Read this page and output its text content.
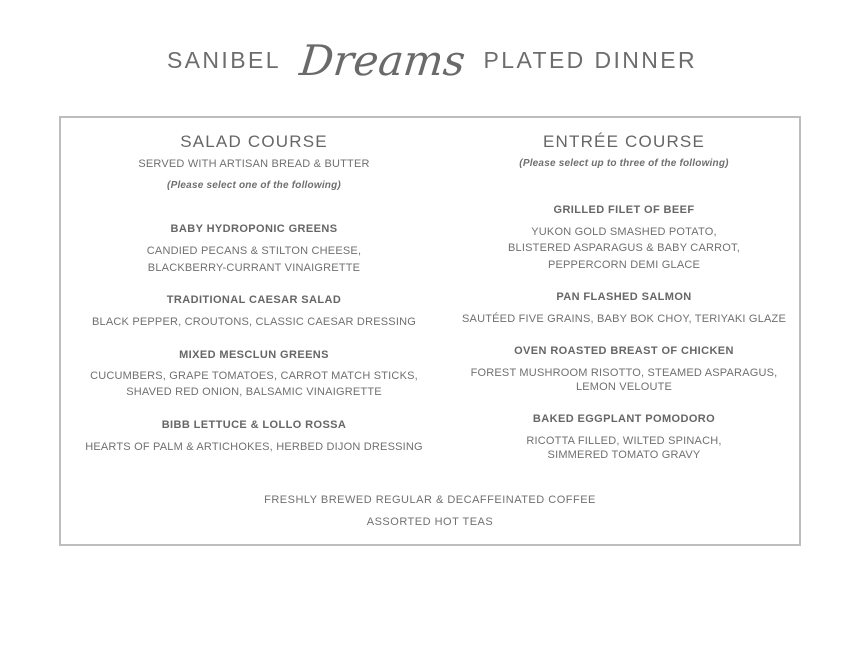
SANIBEL Dreams PLATED DINNER
SALAD COURSE
SERVED WITH ARTISAN BREAD & BUTTER
(Please select one of the following)
BABY HYDROPONIC GREENS
CANDIED PECANS & STILTON CHEESE,
BLACKBERRY-CURRANT VINAIGRETTE
TRADITIONAL CAESAR SALAD
BLACK PEPPER, CROUTONS, CLASSIC CAESAR DRESSING
MIXED MESCLUN GREENS
CUCUMBERS, GRAPE TOMATOES, CARROT MATCH STICKS,
SHAVED RED ONION, BALSAMIC VINAIGRETTE
BIBB LETTUCE & LOLLO ROSSA
HEARTS OF PALM & ARTICHOKES, HERBED DIJON DRESSING
ENTRÉE COURSE
(Please select up to three of the following)
GRILLED FILET OF BEEF
YUKON GOLD SMASHED POTATO,
BLISTERED ASPARAGUS & BABY CARROT,
PEPPERCORN DEMI GLACE
PAN FLASHED SALMON
SAUTÉED FIVE GRAINS, BABY BOK CHOY, TERIYAKI GLAZE
OVEN ROASTED BREAST OF CHICKEN
FOREST MUSHROOM RISOTTO, STEAMED ASPARAGUS,
LEMON VELOUTE
BAKED EGGPLANT POMODORO
RICOTTA FILLED, WILTED SPINACH,
SIMMERED TOMATO GRAVY
FRESHLY BREWED REGULAR & DECAFFEINATED COFFEE
ASSORTED HOT TEAS
